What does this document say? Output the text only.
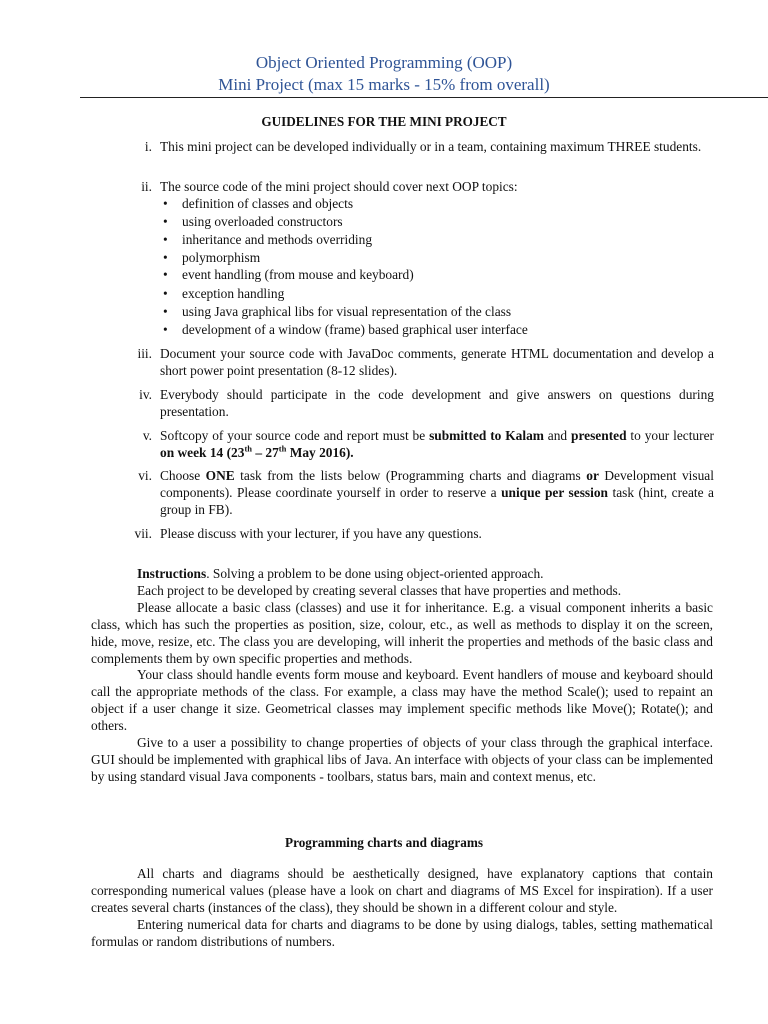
Object Oriented Programming (OOP)
Mini Project (max 15 marks - 15% from overall)
GUIDELINES FOR THE MINI PROJECT
i. This mini project can be developed individually or in a team, containing maximum THREE students.
ii. The source code of the mini project should cover next OOP topics:
• definition of classes and objects
• using overloaded constructors
• inheritance and methods overriding
• polymorphism
• event handling (from mouse and keyboard)
• exception handling
• using Java graphical libs for visual representation of the class
• development of a window (frame) based graphical user interface
iii. Document your source code with JavaDoc comments, generate HTML documentation and develop a short power point presentation (8-12 slides).
iv. Everybody should participate in the code development and give answers on questions during presentation.
v. Softcopy of your source code and report must be submitted to Kalam and presented to your lecturer on week 14 (23th – 27th May 2016).
vi. Choose ONE task from the lists below (Programming charts and diagrams or Development visual components). Please coordinate yourself in order to reserve a unique per session task (hint, create a group in FB).
vii. Please discuss with your lecturer, if you have any questions.

Instructions. Solving a problem to be done using object-oriented approach.

Each project to be developed by creating several classes that have properties and methods.

Please allocate a basic class (classes) and use it for inheritance. E.g. a visual component inherits a basic class, which has such the properties as position, size, colour, etc., as well as methods to display it on the screen, hide, move, resize, etc. The class you are developing, will inherit the properties and methods of the basic class and complements them by own specific properties and methods.

Your class should handle events form mouse and keyboard. Event handlers of mouse and keyboard should call the appropriate methods of the class. For example, a class may have the method Scale(); used to repaint an object if a user change it size. Geometrical classes may implement specific methods like Move(); Rotate(); and others.

Give to a user a possibility to change properties of objects of your class through the graphical interface. GUI should be implemented with graphical libs of Java. An interface with objects of your class can be implemented by using standard visual Java components - toolbars, status bars, main and context menus, etc.

Programming charts and diagrams

All charts and diagrams should be aesthetically designed, have explanatory captions that contain corresponding numerical values (please have a look on chart and diagrams of MS Excel for inspiration). If a user creates several charts (instances of the class), they should be shown in a different colour and style.

Entering numerical data for charts and diagrams to be done by using dialogs, tables, setting mathematical formulas or random distributions of numbers.
